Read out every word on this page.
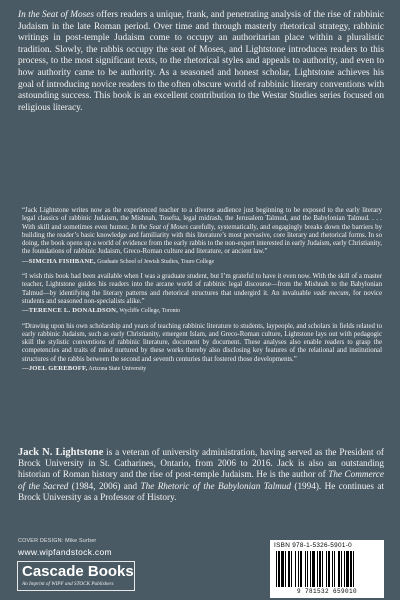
In the Seat of Moses offers readers a unique, frank, and penetrating analysis of the rise of rabbinic Judaism in the late Roman period. Over time and through masterly rhetorical strategy, rabbinic writings in post-temple Judaism come to occupy an authoritarian place within a pluralistic tradition. Slowly, the rabbis occupy the seat of Moses, and Lightstone introduces readers to this process, to the most significant texts, to the rhetorical styles and appeals to authority, and even to how authority came to be authority. As a seasoned and honest scholar, Lightstone achieves his goal of introducing novice readers to the often obscure world of rabbinic literary conventions with astounding success. This book is an excellent contribution to the Westar Studies series focused on religious literacy.

“Jack Lightstone writes now as the experienced teacher to a diverse audience just beginning to be exposed to the early literary legal classics of rabbinic Judaism, the Mishnah, Tosefta, legal midrash, the Jerusalem Talmud, and the Babylonian Talmud. . . . With skill and sometimes even humor, In the Seat of Moses carefully, systematically, and engagingly breaks down the barriers by building the reader’s basic knowledge and familiarity with this literature’s most pervasive, core literary and rhetorical forms. In so doing, the book opens up a world of evidence from the early rabbis to the non-expert interested in early Judaism, early Christianity, the foundations of rabbinic Judaism, Greco-Roman culture and literature, or ancient law.”

—SIMCHA FISHBANE, Graduate School of Jewish Studies, Touro College

“I wish this book had been available when I was a graduate student, but I’m grateful to have it even now. With the skill of a master teacher, Lightstone guides his readers into the arcane world of rabbinic legal discourse—from the Mishnah to the Babylonian Talmud—by identifying the literary patterns and rhetorical structures that undergird it. An invaluable vade mecum, for novice students and seasoned non-specialists alike.”

—TERENCE L. DONALDSON, Wycliffe College, Toronto

“Drawing upon his own scholarship and years of teaching rabbinic literature to students, laypeople, and scholars in fields related to early rabbinic Judaism, such as early Christianity, emergent Islam, and Greco-Roman culture, Lightstone lays out with pedagogic skill the stylistic conventions of rabbinic literature, document by document. These analyses also enable readers to grasp the competencies and traits of mind nurtured by these works thereby also disclosing key features of the relational and institutional structures of the rabbis between the second and seventh centuries that fostered those developments.”

—JOEL GEREBOFF, Arizona State University
Jack N. Lightstone is a veteran of university administration, having served as the President of Brock University in St. Catharines, Ontario, from 2006 to 2016. Jack is also an outstanding historian of Roman history and the rise of post-temple Judaism. He is the author of The Commerce of the Sacred (1984, 2006) and The Rhetoric of the Babylonian Talmud (1994). He continues at Brock University as a Professor of History.
COVER DESIGN: Mike Surber
www.wipfandstock.com
Cascade Books
An Imprint of WIPF and STOCK Publishers
ISBN 978-1-5326-5901-0
9 781532 659010
